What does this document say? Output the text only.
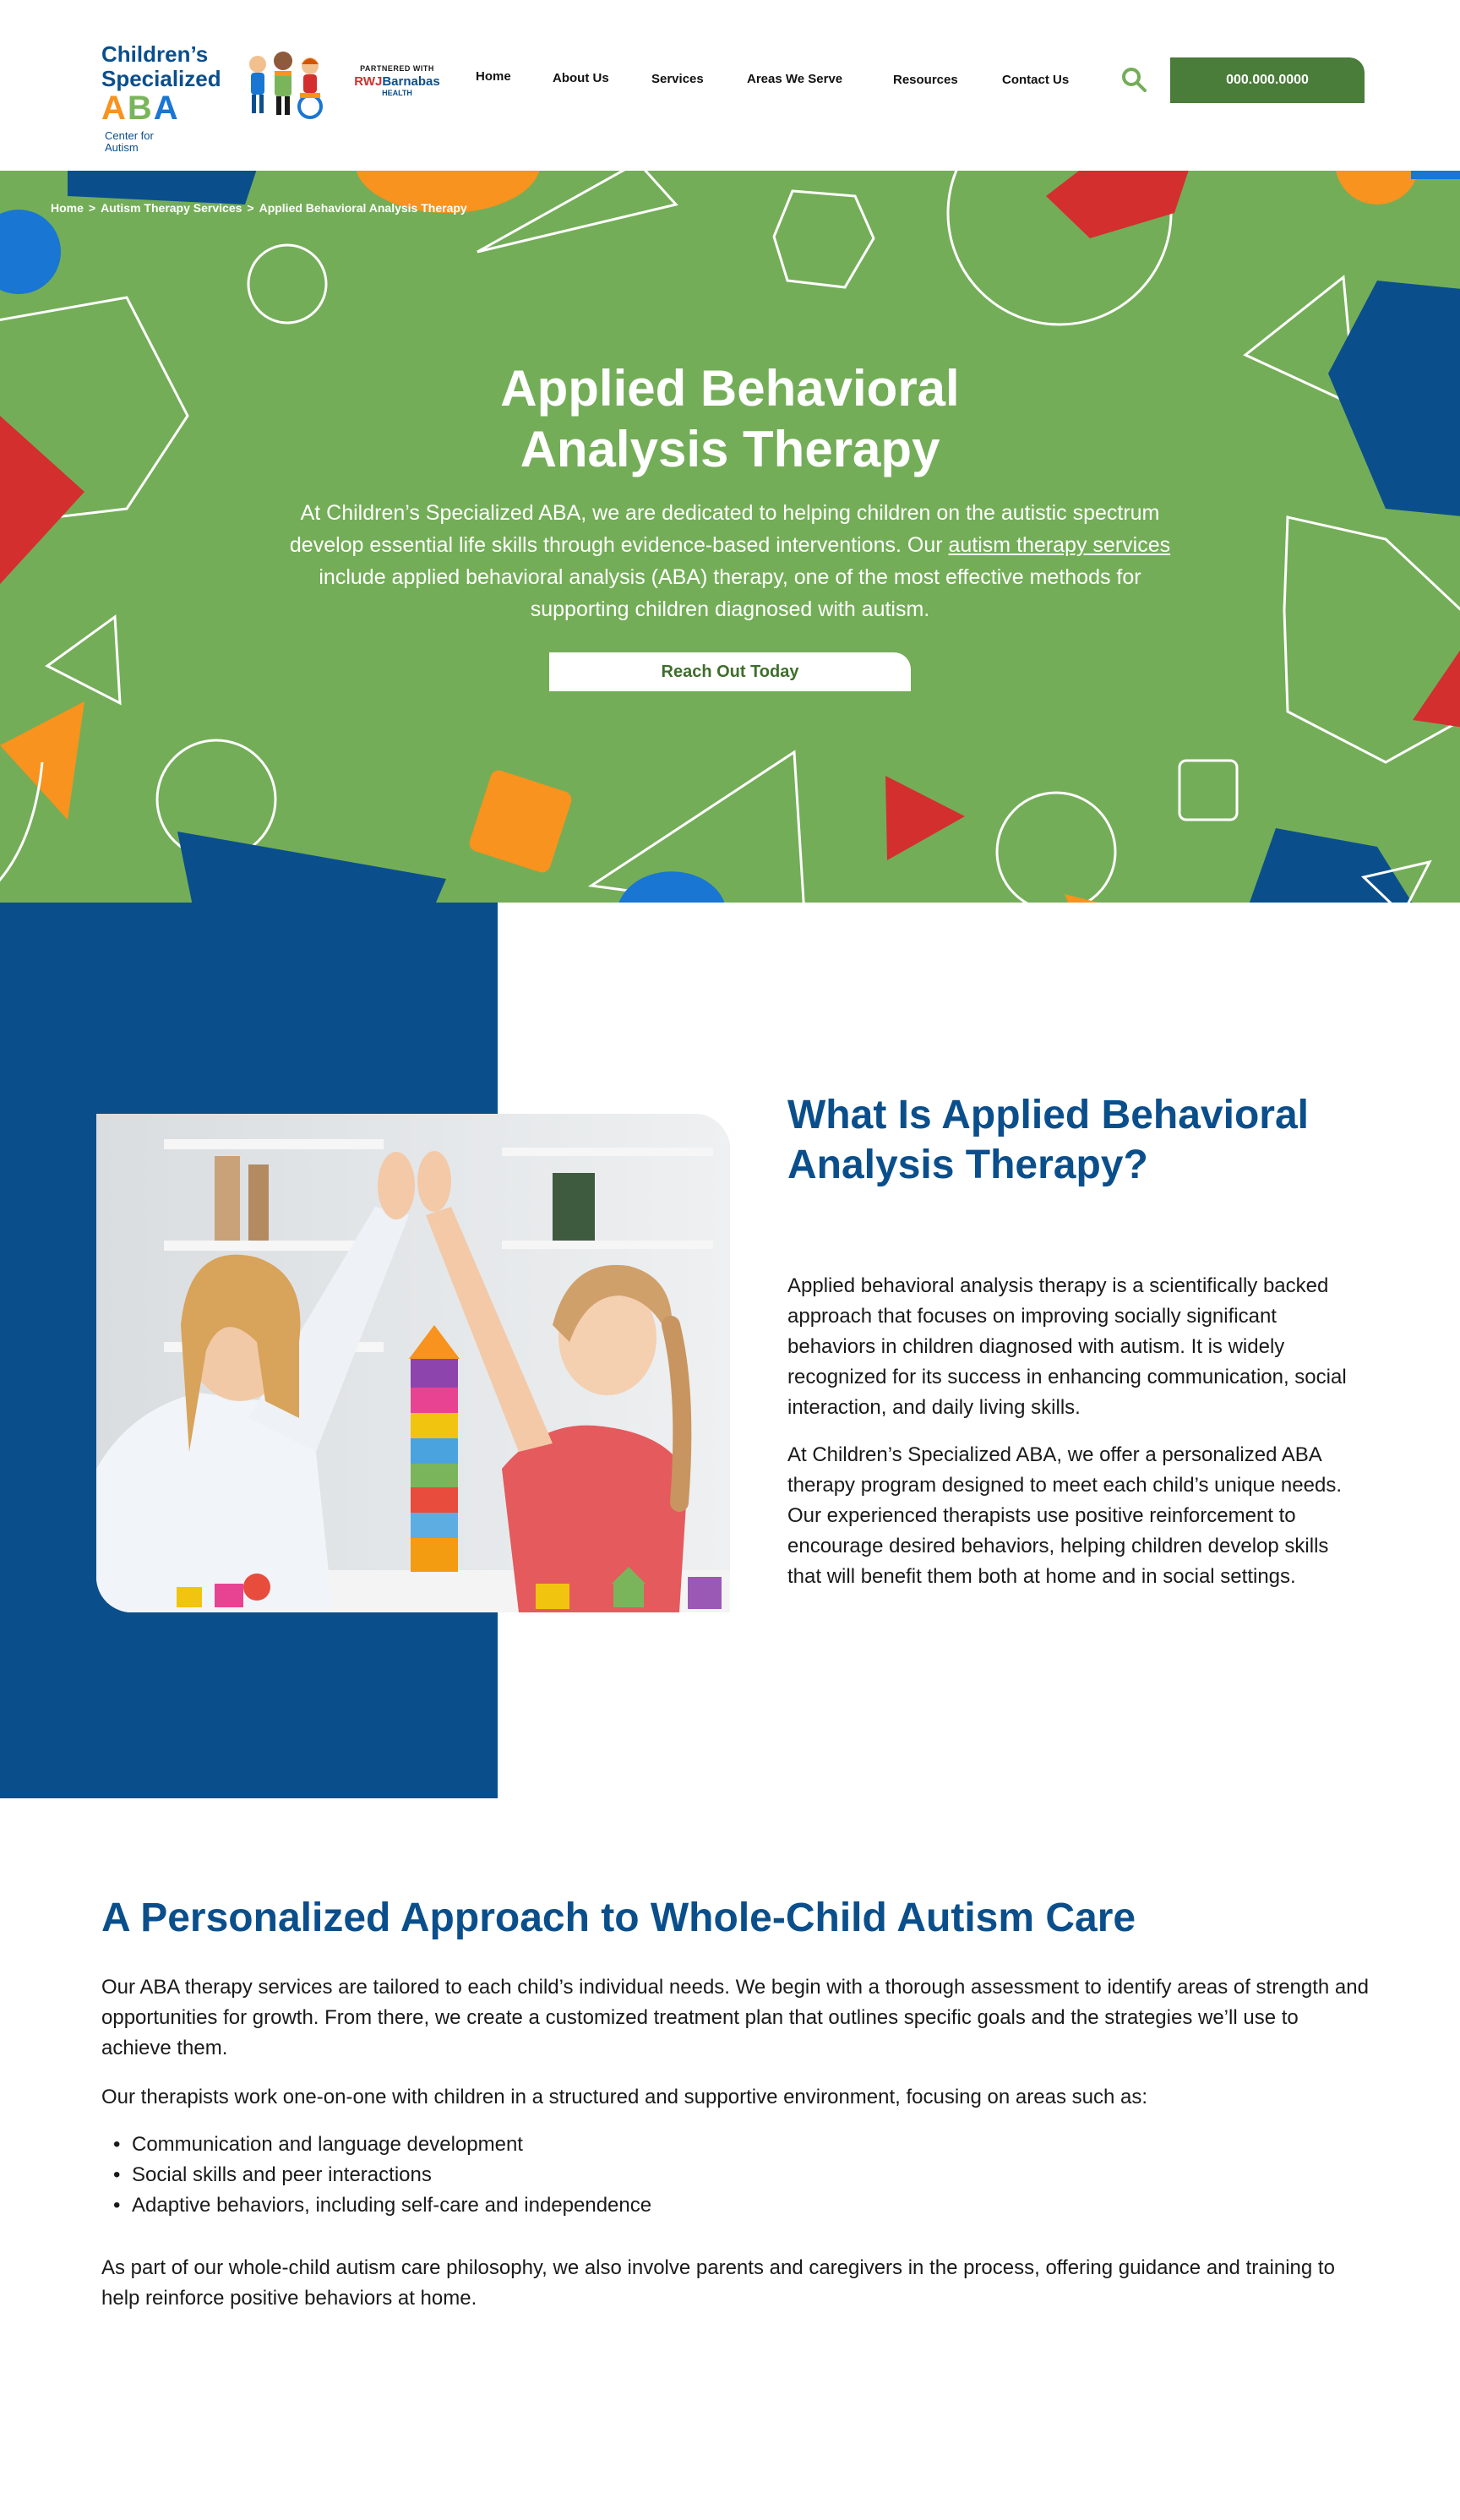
Children’s
Specialized
ABA Center for Autism
PARTNERED WITH
RWJBarnabas
HEALTH
Home	About Us	Services	Areas We Serve	Resources	Contact Us	000.000.0000
Home > Autism Therapy Services > Applied Behavioral Analysis Therapy
Applied Behavioral
Analysis Therapy

At Children’s Specialized ABA, we are dedicated to helping children on the autistic spectrum develop essential life skills through evidence-based interventions. Our autism therapy services include applied behavioral analysis (ABA) therapy, one of the most effective methods for supporting children diagnosed with autism.

Reach Out Today
What Is Applied Behavioral Analysis Therapy?

Applied behavioral analysis therapy is a scientifically backed approach that focuses on improving socially significant behaviors in children diagnosed with autism. It is widely recognized for its success in enhancing communication, social interaction, and daily living skills.

At Children’s Specialized ABA, we offer a personalized ABA therapy program designed to meet each child’s unique needs. Our experienced therapists use positive reinforcement to encourage desired behaviors, helping children develop skills that will benefit them both at home and in social settings.

A Personalized Approach to Whole-Child Autism Care

Our ABA therapy services are tailored to each child’s individual needs. We begin with a thorough assessment to identify areas of strength and opportunities for growth. From there, we create a customized treatment plan that outlines specific goals and the strategies we’ll use to achieve them.

Our therapists work one-on-one with children in a structured and supportive environment, focusing on areas such as:

• Communication and language development
• Social skills and peer interactions
• Adaptive behaviors, including self-care and independence

As part of our whole-child autism care philosophy, we also involve parents and caregivers in the process, offering guidance and training to help reinforce positive behaviors at home.
